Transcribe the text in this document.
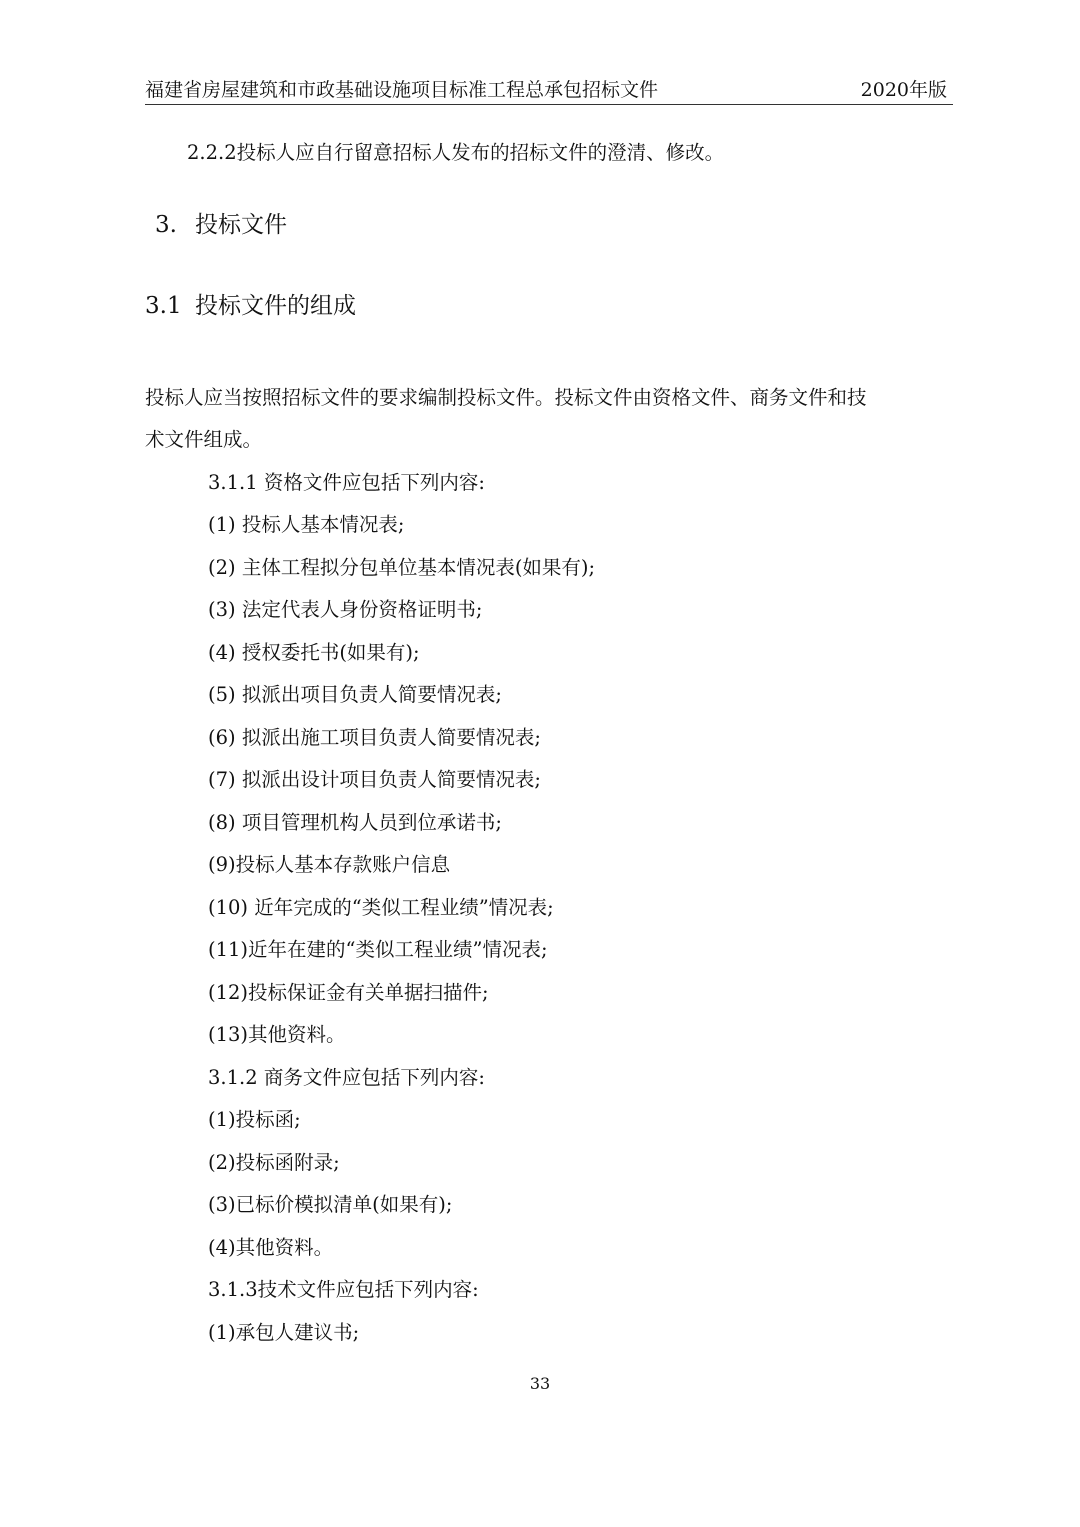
福建省房屋建筑和市政基础设施项目标准工程总承包招标文件	2020年版
2.2.2投标人应自行留意招标人发布的招标文件的澄清、修改。
3. 投标文件
3.1 投标文件的组成
投标人应当按照招标文件的要求编制投标文件。投标文件由资格文件、商务文件和技
术文件组成。
3.1.1 资格文件应包括下列内容:
(1) 投标人基本情况表;
(2) 主体工程拟分包单位基本情况表(如果有);
(3) 法定代表人身份资格证明书;
(4) 授权委托书(如果有);
(5) 拟派出项目负责人简要情况表;
(6) 拟派出施工项目负责人简要情况表;
(7) 拟派出设计项目负责人简要情况表;
(8) 项目管理机构人员到位承诺书;
(9)投标人基本存款账户信息
(10) 近年完成的“类似工程业绩”情况表;
(11)近年在建的“类似工程业绩”情况表;
(12)投标保证金有关单据扫描件;
(13)其他资料。
3.1.2 商务文件应包括下列内容:
(1)投标函;
(2)投标函附录;
(3)已标价模拟清单(如果有);
(4)其他资料。
3.1.3技术文件应包括下列内容:
(1)承包人建议书;
33
